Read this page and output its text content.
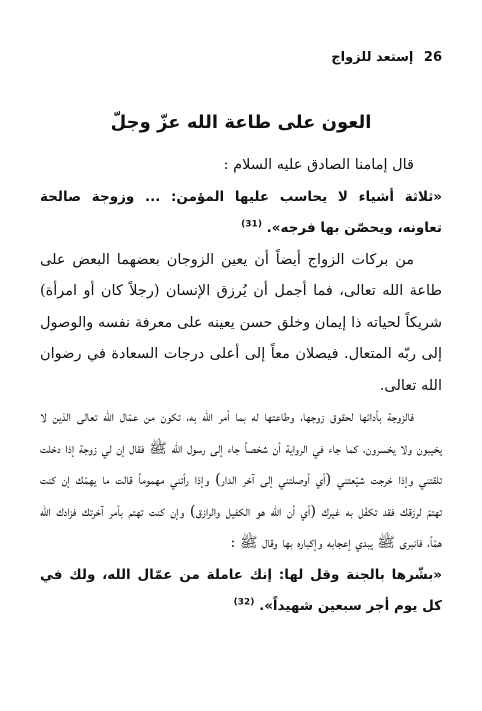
26 إستعد للزواج
العون على طاعة الله عزّ وجلّ

قال إمامنا الصادق عليه السلام :

«ثلاثة أشياء لا يحاسب عليها المؤمن: ... وزوجة صالحة تعاونه، ويحصّن بها فرجه». $^{(31)}$

من بركات الزواج أيضاً أن يعين الزوجان بعضهما البعض على طاعة الله تعالى، فما أجمل أن يُرزق الإنسان (رجلاً كان أو امرأة) شريكاً لحياته ذا إيمان وخلق حسن يعينه على معرفة نفسه والوصول إلى ربّه المتعال. فيصلان معاً إلى أعلى درجات السعادة في رضوان الله تعالى.

فالزوجة بأدائها لحقوق زوجها، وطاعتها له بما أمر الله به، تكون من عمّال الله تعالى الذين لا يخيبون ولا يخسرون، كما جاء في الرواية أن شخصاً جاء إلى رسول الله ﷺ فقال إن لي زوجة إذا دخلت تلقتني وإذا خرجت شيّعتني (أي أوصلتني إلى آخر الدار) وإذا رأتني مهموماً قالت ما يهمّك إن كنت تهتمّ لرزقك فقد تكفّل به غيرك (أي أن الله هو الكفيل والرازق) وإن كنت تهتم بأمر آخرتك فزادك الله همّاً، فانبرى ﷺ يبدي إعجابه وإكباره بها وقال ﷺ :

«بشّرها بالجنة وقل لها: إنك عاملة من عمّال الله، ولك في كل يوم أجر سبعين شهيداً». $^{(32)}$
